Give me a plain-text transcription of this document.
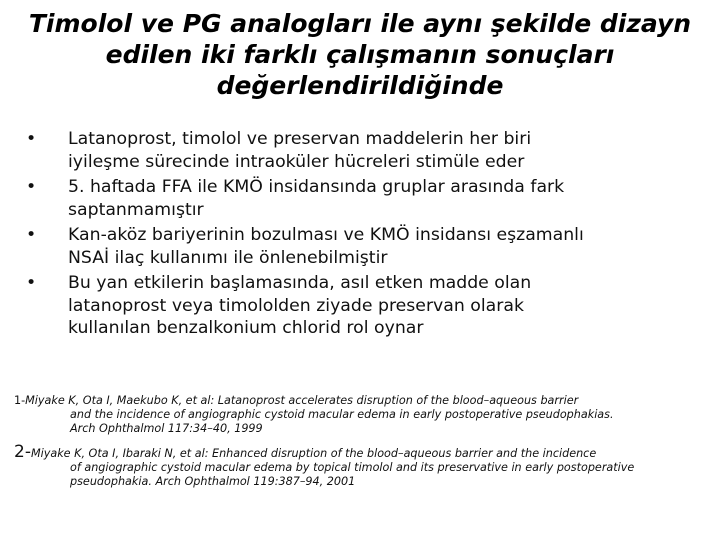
Timolol ve PG analogları ile aynı şekilde dizayn
edilen iki farklı çalışmanın sonuçları
değerlendirildiğinde
•	Latanoprost, timolol ve preservan maddelerin her biri
iyileşme sürecinde intraoküler hücreleri stimüle eder
•	5. haftada FFA ile KMÖ insidansında gruplar arasında fark
saptanmamıştır
•	Kan-aköz bariyerinin bozulması ve KMÖ insidansı eşzamanlı
NSAİ ilaç kullanımı ile önlenebilmiştir
•	Bu yan etkilerin başlamasında, asıl etken madde olan
latanoprost veya timololden ziyade preservan olarak
kullanılan benzalkonium chlorid rol oynar
1-Miyake K, Ota I, Maekubo K, et al: Latanoprost accelerates disruption of the blood–aqueous barrier
and the incidence of angiographic cystoid macular edema in early postoperative pseudophakias.
Arch Ophthalmol 117:34–40, 1999
2-Miyake K, Ota I, Ibaraki N, et al: Enhanced disruption of the blood–aqueous barrier and the incidence
of angiographic cystoid macular edema by topical timolol and its preservative in early postoperative
pseudophakia. Arch Ophthalmol 119:387–94, 2001
